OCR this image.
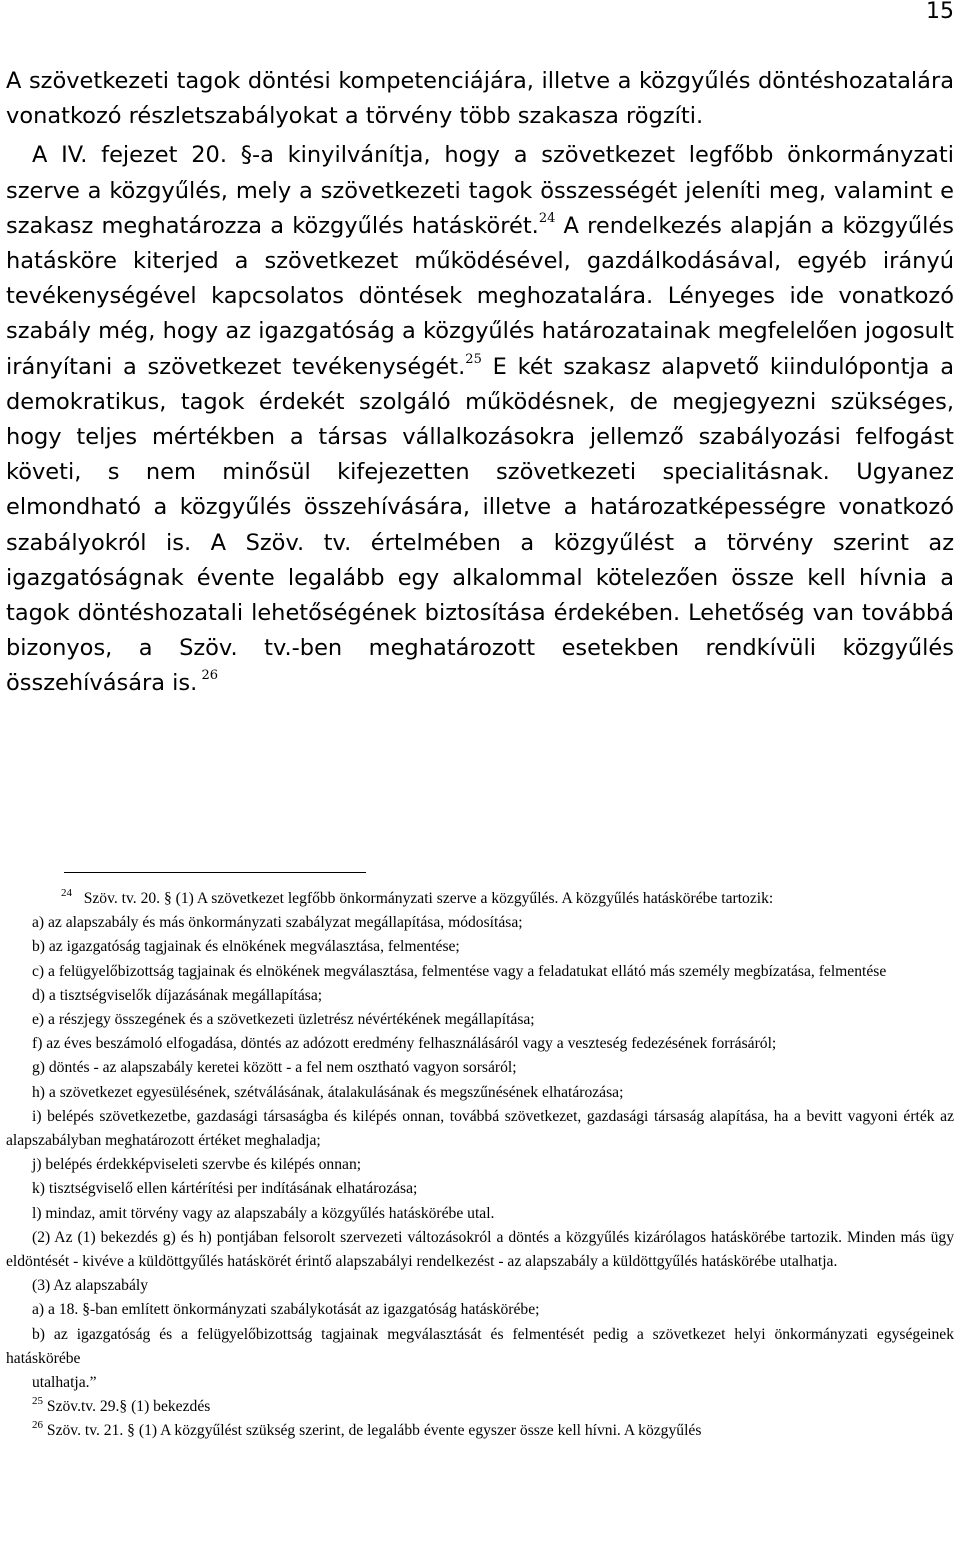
15

A szövetkezeti tagok döntési kompetenciájára, illetve a közgyűlés döntéshozatalára vonatkozó részletszabályokat a törvény több szakasza rögzíti.

A IV. fejezet 20. §-a kinyilvánítja, hogy a szövetkezet legfőbb önkormányzati szerve a közgyűlés, mely a szövetkezeti tagok összességét jeleníti meg, valamint e szakasz meghatározza a közgyűlés hatáskörét.$^{24}$ A rendelkezés alapján a közgyűlés hatásköre kiterjed a szövetkezet működésével, gazdálkodásával, egyéb irányú tevékenységével kapcsolatos döntések meghozatalára. Lényeges ide vonatkozó szabály még, hogy az igazgatóság a közgyűlés határozatainak megfelelően jogosult irányítani a szövetkezet tevékenységét.$^{25}$ E két szakasz alapvető kiindulópontja a demokratikus, tagok érdekét szolgáló működésnek, de megjegyezni szükséges, hogy teljes mértékben a társas vállalkozásokra jellemző szabályozási felfogást követi, s nem minősül kifejezetten szövetkezeti specialitásnak. Ugyanez elmondható a közgyűlés összehívására, illetve a határozatképességre vonatkozó szabályokról is. A Szöv. tv. értelmében a közgyűlést a törvény szerint az igazgatóságnak évente legalább egy alkalommal kötelezően össze kell hívnia a tagok döntéshozatali lehetőségének biztosítása érdekében. Lehetőség van továbbá bizonyos, a Szöv. tv.-ben meghatározott esetekben rendkívüli közgyűlés összehívására is. $^{26}$

$^{24}$ Szöv. tv. 20. § (1) A szövetkezet legfőbb önkormányzati szerve a közgyűlés. A közgyűlés hatáskörébe tartozik:

a) az alapszabály és más önkormányzati szabályzat megállapítása, módosítása;

b) az igazgatóság tagjainak és elnökének megválasztása, felmentése;

c) a felügyelőbizottság tagjainak és elnökének megválasztása, felmentése vagy a feladatukat ellátó más személy megbízatása, felmentése

d) a tisztségviselők díjazásának megállapítása;

e) a részjegy összegének és a szövetkezeti üzletrész névértékének megállapítása;

f) az éves beszámoló elfogadása, döntés az adózott eredmény felhasználásáról vagy a veszteség fedezésének forrásáról;

g) döntés - az alapszabály keretei között - a fel nem osztható vagyon sorsáról;

h) a szövetkezet egyesülésének, szétválásának, átalakulásának és megszűnésének elhatározása;

i) belépés szövetkezetbe, gazdasági társaságba és kilépés onnan, továbbá szövetkezet, gazdasági társaság alapítása, ha a bevitt vagyoni érték az alapszabályban meghatározott értéket meghaladja;

j) belépés érdekképviseleti szervbe és kilépés onnan;

k) tisztségviselő ellen kártérítési per indításának elhatározása;

l) mindaz, amit törvény vagy az alapszabály a közgyűlés hatáskörébe utal.

(2) Az (1) bekezdés g) és h) pontjában felsorolt szervezeti változásokról a döntés a közgyűlés kizárólagos hatáskörébe tartozik. Minden más ügy eldöntését - kivéve a küldöttgyűlés hatáskörét érintő alapszabályi rendelkezést - az alapszabály a küldöttgyűlés hatáskörébe utalhatja.

(3) Az alapszabály

a) a 18. §-ban említett önkormányzati szabálykotását az igazgatóság hatáskörébe;

b) az igazgatóság és a felügyelőbizottság tagjainak megválasztását és felmentését pedig a szövetkezet helyi önkormányzati egységeinek hatáskörébe

utalhatja.”

$^{25}$ Szöv.tv. 29.§ (1) bekezdés

$^{26}$ Szöv. tv. 21. § (1) A közgyűlést szükség szerint, de legalább évente egyszer össze kell hívni. A közgyűlés
